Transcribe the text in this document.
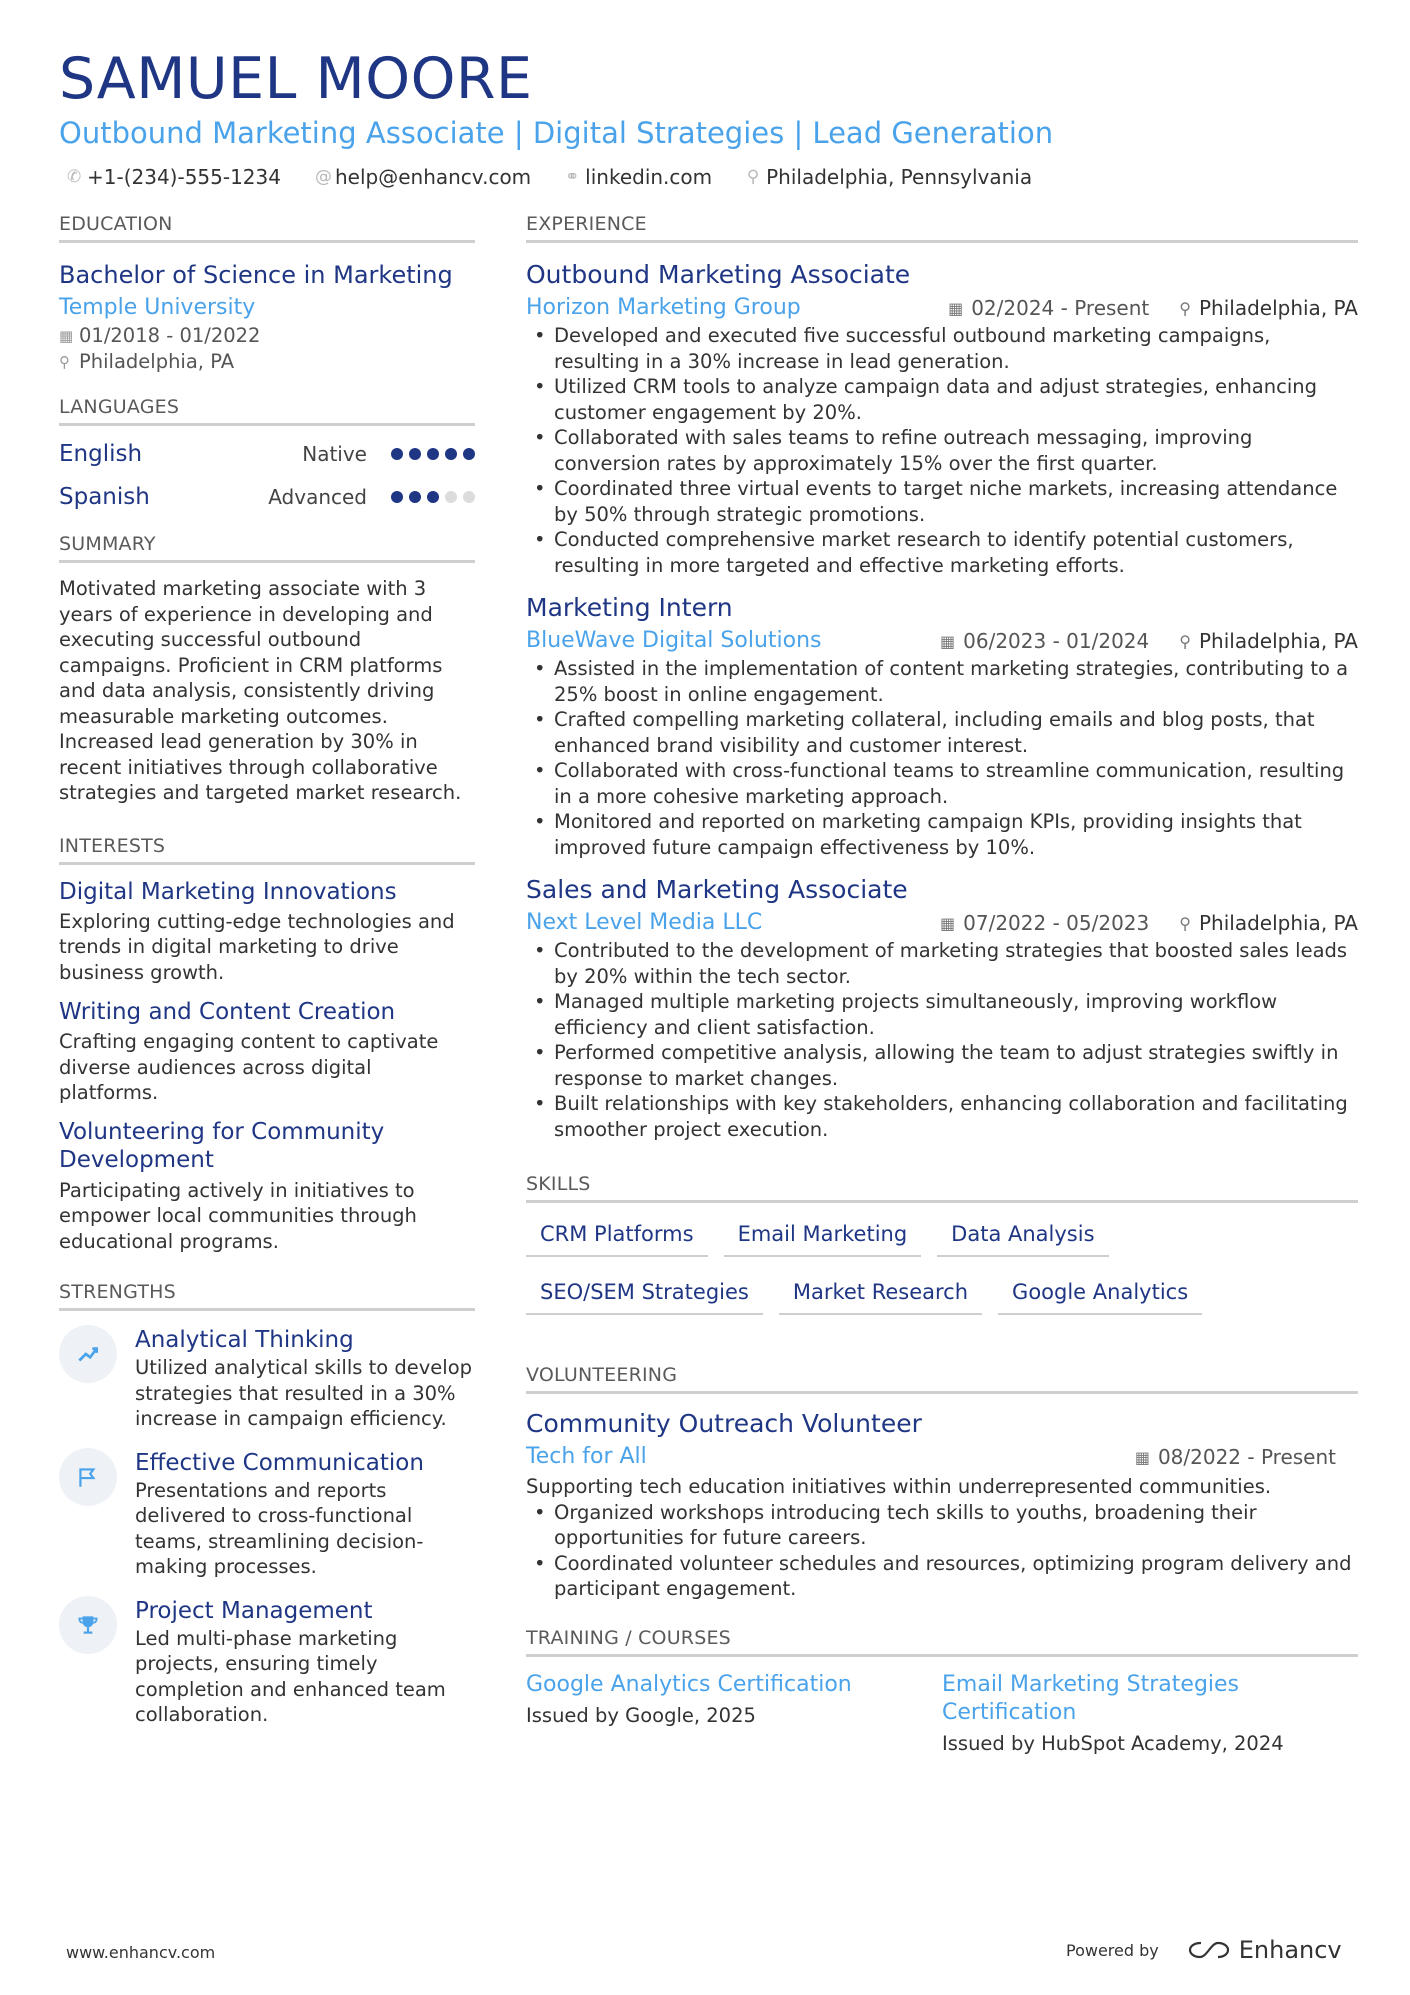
SAMUEL MOORE
Outbound Marketing Associate | Digital Strategies | Lead Generation
✆ +1-(234)-555-1234 @ help@enhancv.com ⚭ linkedin.com ⚲ Philadelphia, Pennsylvania
EDUCATION
Bachelor of Science in Marketing
Temple University
▦ 01/2018 - 01/2022
⚲ Philadelphia, PA
LANGUAGES
English	Native
Spanish	Advanced
SUMMARY
Motivated marketing associate with 3 years of experience in developing and executing successful outbound campaigns. Proficient in CRM platforms and data analysis, consistently driving measurable marketing outcomes. Increased lead generation by 30% in recent initiatives through collaborative strategies and targeted market research.
INTERESTS
Digital Marketing Innovations
Exploring cutting-edge technologies and trends in digital marketing to drive business growth.
Writing and Content Creation
Crafting engaging content to captivate diverse audiences across digital platforms.
Volunteering for Community Development
Participating actively in initiatives to empower local communities through educational programs.
STRENGTHS
Analytical Thinking
Utilized analytical skills to develop strategies that resulted in a 30% increase in campaign efficiency.
Effective Communication
Presentations and reports delivered to cross-functional teams, streamlining decision-making processes.
Project Management
Led multi-phase marketing projects, ensuring timely completion and enhanced team collaboration.
EXPERIENCE
Outbound Marketing Associate
Horizon Marketing Group	▦ 02/2024 - Present ⚲ Philadelphia, PA
• Developed and executed five successful outbound marketing campaigns, resulting in a 30% increase in lead generation.
• Utilized CRM tools to analyze campaign data and adjust strategies, enhancing customer engagement by 20%.
• Collaborated with sales teams to refine outreach messaging, improving conversion rates by approximately 15% over the first quarter.
• Coordinated three virtual events to target niche markets, increasing attendance by 50% through strategic promotions.
• Conducted comprehensive market research to identify potential customers, resulting in more targeted and effective marketing efforts.
Marketing Intern
BlueWave Digital Solutions	▦ 06/2023 - 01/2024 ⚲ Philadelphia, PA
• Assisted in the implementation of content marketing strategies, contributing to a 25% boost in online engagement.
• Crafted compelling marketing collateral, including emails and blog posts, that enhanced brand visibility and customer interest.
• Collaborated with cross-functional teams to streamline communication, resulting in a more cohesive marketing approach.
• Monitored and reported on marketing campaign KPIs, providing insights that improved future campaign effectiveness by 10%.
Sales and Marketing Associate
Next Level Media LLC	▦ 07/2022 - 05/2023 ⚲ Philadelphia, PA
• Contributed to the development of marketing strategies that boosted sales leads by 20% within the tech sector.
• Managed multiple marketing projects simultaneously, improving workflow efficiency and client satisfaction.
• Performed competitive analysis, allowing the team to adjust strategies swiftly in response to market changes.
• Built relationships with key stakeholders, enhancing collaboration and facilitating smoother project execution.
SKILLS
CRM Platforms	Email Marketing	Data Analysis
SEO/SEM Strategies	Market Research	Google Analytics
VOLUNTEERING
Community Outreach Volunteer
Tech for All	▦ 08/2022 - Present
Supporting tech education initiatives within underrepresented communities.
• Organized workshops introducing tech skills to youths, broadening their opportunities for future careers.
• Coordinated volunteer schedules and resources, optimizing program delivery and participant engagement.
TRAINING / COURSES
Google Analytics Certification
Issued by Google, 2025
Email Marketing Strategies Certification
Issued by HubSpot Academy, 2024
www.enhancv.com	Powered by	Enhancv
